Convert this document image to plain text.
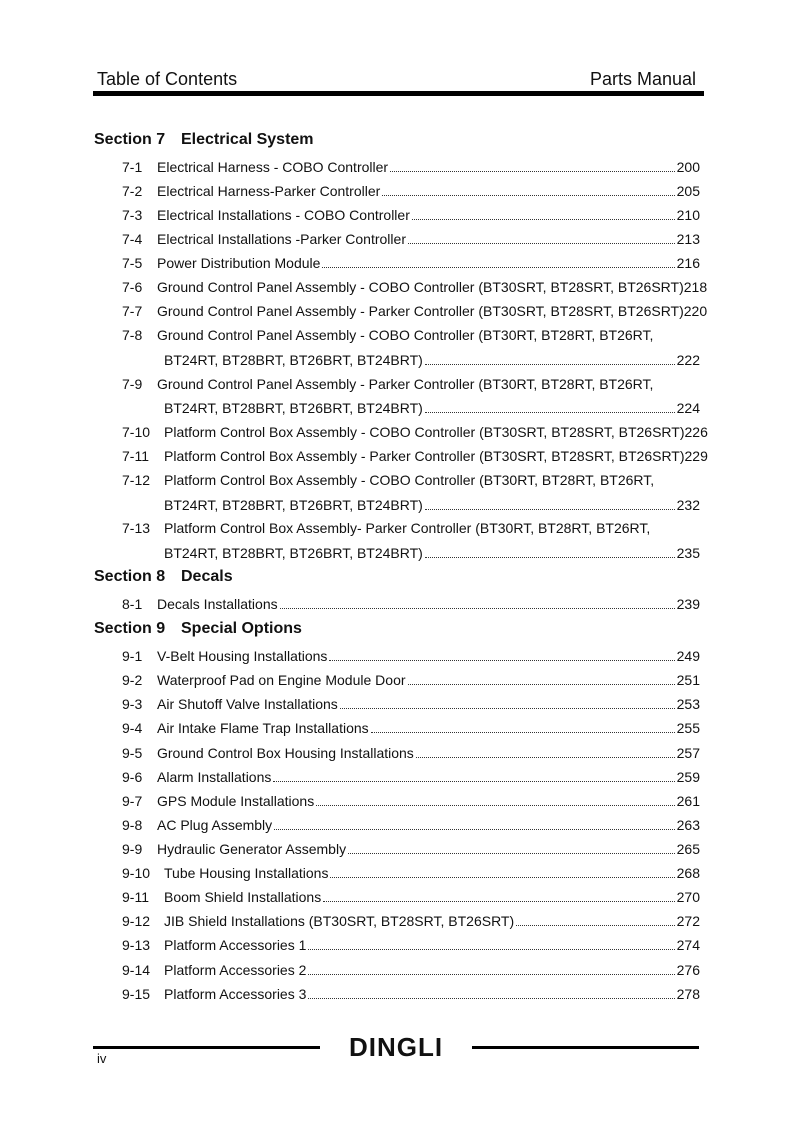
Table of Contents	Parts Manual
Section 7 Electrical System
7-1 Electrical Harness - COBO Controller	200
7-2 Electrical Harness-Parker Controller	205
7-3 Electrical Installations - COBO Controller	210
7-4 Electrical Installations -Parker Controller	213
7-5 Power Distribution Module	216
7-6 Ground Control Panel Assembly - COBO Controller (BT30SRT, BT28SRT, BT26SRT) 218
7-7 Ground Control Panel Assembly - Parker Controller (BT30SRT, BT28SRT, BT26SRT) 220
7-8 Ground Control Panel Assembly - COBO Controller (BT30RT, BT28RT, BT26RT,
BT24RT, BT28BRT, BT26BRT, BT24BRT)	222
7-9 Ground Control Panel Assembly - Parker Controller (BT30RT, BT28RT, BT26RT,
BT24RT, BT28BRT, BT26BRT, BT24BRT)	224
7-10 Platform Control Box Assembly - COBO Controller (BT30SRT, BT28SRT, BT26SRT) 226
7-11 Platform Control Box Assembly - Parker Controller (BT30SRT, BT28SRT, BT26SRT) 229
7-12 Platform Control Box Assembly - COBO Controller (BT30RT, BT28RT, BT26RT,
BT24RT, BT28BRT, BT26BRT, BT24BRT)	232
7-13 Platform Control Box Assembly- Parker Controller (BT30RT, BT28RT, BT26RT,
BT24RT, BT28BRT, BT26BRT, BT24BRT)	235
Section 8 Decals
8-1 Decals Installations	239
Section 9 Special Options
9-1 V-Belt Housing Installations	249
9-2 Waterproof Pad on Engine Module Door	251
9-3 Air Shutoff Valve Installations	253
9-4 Air Intake Flame Trap Installations	255
9-5 Ground Control Box Housing Installations	257
9-6 Alarm Installations	259
9-7 GPS Module Installations	261
9-8 AC Plug Assembly	263
9-9 Hydraulic Generator Assembly	265
9-10 Tube Housing Installations	268
9-11 Boom Shield Installations	270
9-12 JIB Shield Installations (BT30SRT, BT28SRT, BT26SRT)	272
9-13 Platform Accessories 1	274
9-14 Platform Accessories 2	276
9-15 Platform Accessories 3	278
DINGLI
iv
